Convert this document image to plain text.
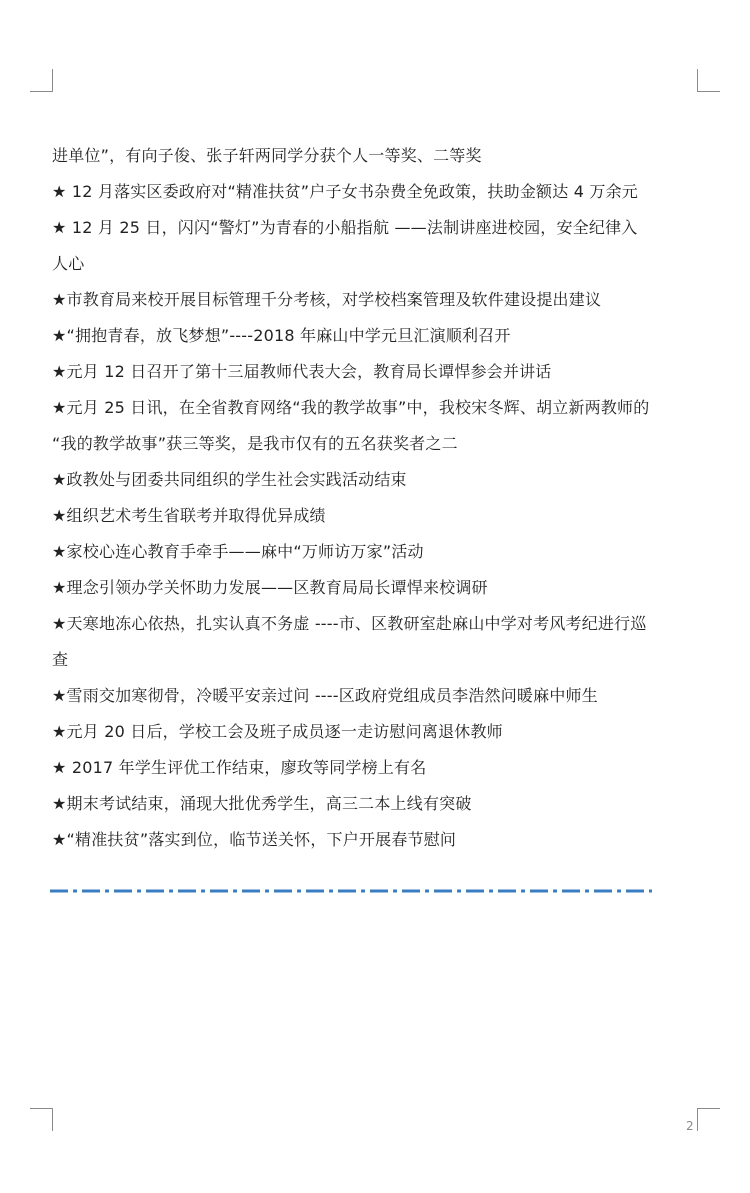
进单位”，有向子俊、张子轩两同学分获个人一等奖、二等奖
★ 12 月落实区委政府对“精准扶贫”户子女书杂费全免政策，扶助金额达 4 万余元
★ 12 月 25 日，闪闪“警灯”为青春的小船指航 ——法制讲座进校园，安全纪律入
人心
★市教育局来校开展目标管理千分考核，对学校档案管理及软件建设提出建议
★“拥抱青春，放飞梦想”----2018 年麻山中学元旦汇演顺利召开
★元月 12 日召开了第十三届教师代表大会，教育局长谭悍参会并讲话
★元月 25 日讯，在全省教育网络“我的教学故事”中，我校宋冬辉、胡立新两教师的
“我的教学故事”获三等奖，是我市仅有的五名获奖者之二
★政教处与团委共同组织的学生社会实践活动结束
★组织艺术考生省联考并取得优异成绩
★家校心连心教育手牵手——麻中“万师访万家”活动
★理念引领办学关怀助力发展——区教育局局长谭悍来校调研
★天寒地冻心依热，扎实认真不务虚 ----市、区教研室赴麻山中学对考风考纪进行巡
查
★雪雨交加寒彻骨，冷暖平安亲过问 ----区政府党组成员李浩然问暖麻中师生
★元月 20 日后，学校工会及班子成员逐一走访慰问离退休教师
★ 2017 年学生评优工作结束，廖玫等同学榜上有名
★期末考试结束，涌现大批优秀学生，高三二本上线有突破
★“精准扶贫”落实到位，临节送关怀，下户开展春节慰问
2
